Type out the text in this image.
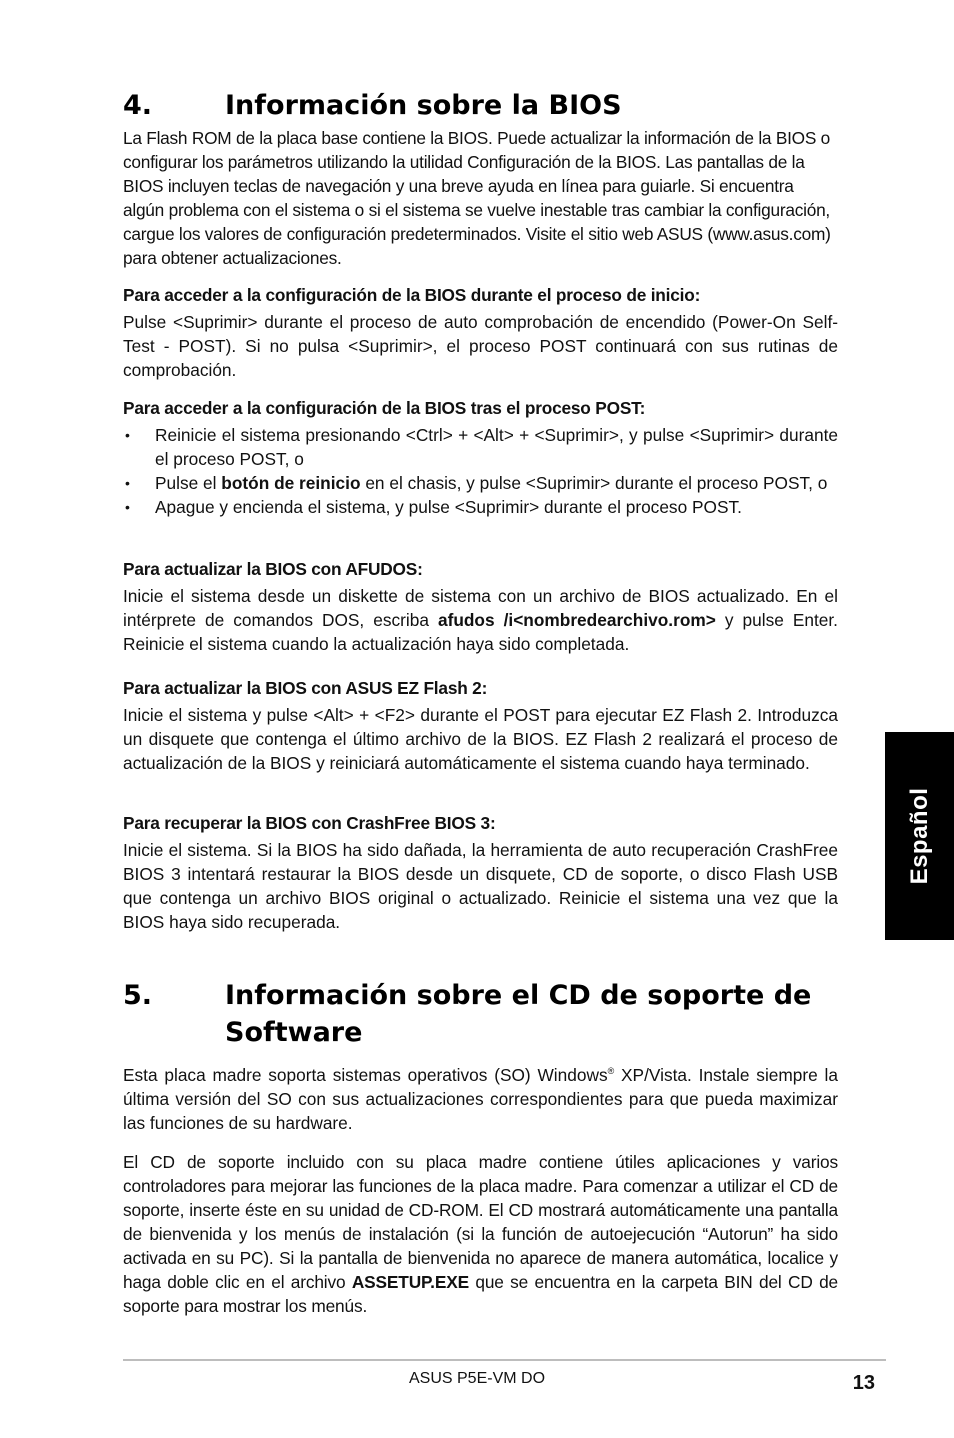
4.	Información sobre la BIOS

La Flash ROM de la placa base contiene la BIOS. Puede actualizar la información de la BIOS o configurar los parámetros utilizando la utilidad Configuración de la BIOS. Las pantallas de la BIOS incluyen teclas de navegación y una breve ayuda en línea para guiarle. Si encuentra algún problema con el sistema o si el sistema se vuelve inestable tras cambiar la configuración, cargue los valores de configuración predeterminados. Visite el sitio web ASUS (www.asus.com) para obtener actualizaciones.

Para acceder a la configuración de la BIOS durante el proceso de inicio:

Pulse <Suprimir> durante el proceso de auto comprobación de encendido (Power-On Self-Test - POST). Si no pulsa <Suprimir>, el proceso POST continuará con sus rutinas de comprobación.

Para acceder a la configuración de la BIOS tras el proceso POST:

• Reinicie el sistema presionando <Ctrl> + <Alt> + <Suprimir>, y pulse <Suprimir> durante el proceso POST, o
• Pulse el botón de reinicio en el chasis, y pulse <Suprimir> durante el proceso POST, o
• Apague y encienda el sistema, y pulse <Suprimir> durante el proceso POST.

Para actualizar la BIOS con AFUDOS:

Inicie el sistema desde un diskette de sistema con un archivo de BIOS actualizado. En el intérprete de comandos DOS, escriba afudos /i<nombredearchivo.rom> y pulse Enter. Reinicie el sistema cuando la actualización haya sido completada.

Para actualizar la BIOS con ASUS EZ Flash 2:

Inicie el sistema y pulse <Alt> + <F2> durante el POST para ejecutar EZ Flash 2. Introduzca un disquete que contenga el último archivo de la BIOS. EZ Flash 2 realizará el proceso de actualización de la BIOS y reiniciará automáticamente el sistema cuando haya terminado.

Para recuperar la BIOS con CrashFree BIOS 3:

Inicie el sistema. Si la BIOS ha sido dañada, la herramienta de auto recuperación CrashFree BIOS 3 intentará restaurar la BIOS desde un disquete, CD de soporte, o disco Flash USB que contenga un archivo BIOS original o actualizado. Reinicie el sistema una vez que la BIOS haya sido recuperada.

5.	Información sobre el CD de soporte de Software

Esta placa madre soporta sistemas operativos (SO) Windows® XP/Vista. Instale siempre la última versión del SO con sus actualizaciones correspondientes para que pueda maximizar las funciones de su hardware.

El CD de soporte incluido con su placa madre contiene útiles aplicaciones y varios controladores para mejorar las funciones de la placa madre. Para comenzar a utilizar el CD de soporte, inserte éste en su unidad de CD-ROM. El CD mostrará automáticamente una pantalla de bienvenida y los menús de instalación (si la función de autoejecución “Autorun” ha sido activada en su PC). Si la pantalla de bienvenida no aparece de manera automática, localice y haga doble clic en el archivo ASSETUP.EXE que se encuentra en la carpeta BIN del CD de soporte para mostrar los menús.

Español
ASUS P5E-VM DO	13
